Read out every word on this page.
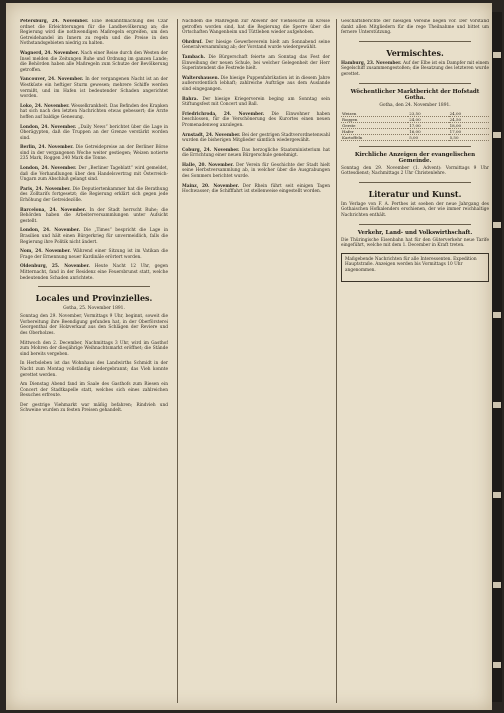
Petersburg, 24. November. Eine Bekanntmachung des Czar ordnet die Erleichterungen für die Landbevölkerung an; die Regierung wird die nothwendigen Maßregeln ergreifen, um den Getreidehandel im Innern zu regeln und die Preise in den Nothstandsgebieten niedrig zu halten.

Wagnerd, 24. November. Nach einer Reise durch den Westen der Insel melden die Zeitungen Ruhe und Ordnung im ganzen Lande; die Behörden haben alle Maßregeln zum Schutze der Bevölkerung getroffen.

Vancouver, 24. November. In der vergangenen Nacht ist an der Westküste ein heftiger Sturm gewesen; mehrere Schiffe werden vermißt, und im Hafen ist bedeutender Schaden angerichtet worden.

Loko, 24. November. Wesselkrankheit. Das Befinden des Kranken hat sich nach den letzten Nachrichten etwas gebessert; die Ärzte hoffen auf baldige Genesung.

London, 24. November. „Daily News“ berichtet über die Lage in Oberägypten, daß die Truppen an der Grenze verstärkt worden sind.

Berlin, 24. November. Die Getreidepreise an der Berliner Börse sind in der vergangenen Woche weiter gestiegen; Weizen notierte 235 Mark, Roggen 240 Mark die Tonne.

London, 24. November. Der „Berliner Tageblatt“ wird gemeldet, daß die Verhandlungen über den Handelsvertrag mit Österreich-Ungarn zum Abschluß gelangt sind.

Paris, 24. November. Die Deputiertenkammer hat die Berathung des Zolltarifs fortgesetzt; die Regierung erklärt sich gegen jede Erhöhung der Getreidezölle.

Barcelona, 24. November. In der Stadt herrscht Ruhe; die Behörden haben die Arbeiterversammlungen unter Aufsicht gestellt.

London, 24. November. Die „Times“ bespricht die Lage in Brasilien und hält einen Bürgerkrieg für unvermeidlich, falls die Regierung ihre Politik nicht ändert.

Nom, 24. November. Während einer Sitzung ist im Vatikan die Frage der Ernennung neuer Kardinäle erörtert worden.

Oldenburg, 25. November. Heute Nacht 12 Uhr, gegen Mitternacht, fand in der Residenz eine Feuersbrunst statt, welche bedeutenden Schaden anrichtete.

Locales und Provinzielles.
Gotha, 25. November 1891.

Sonntag den 29. November, Vormittags 9 Uhr, beginnt, soweit die Vorbereitung ihre Beendigung gefunden hat, in der Oberförsterei Georgenthal der Holzverkauf aus den Schlägen der Reviere und des Oberholzes.

Mittwoch den 2. December, Nachmittags 3 Uhr, wird im Gasthof zum Mohren der diesjährige Weihnachtsmarkt eröffnet; die Stände sind bereits vergeben.

In Herbsleben ist das Wohnhaus des Landwirths Schmidt in der Nacht zum Montag vollständig niedergebrannt; das Vieh konnte gerettet werden.

Am Dienstag Abend fand im Saale des Gasthofs zum Riesen ein Concert der Stadtkapelle statt, welches sich eines zahlreichen Besuches erfreute.

Der gestrige Viehmarkt war mäßig befahren; Rindvieh und Schweine wurden zu festen Preisen gehandelt.

Nachdem die Maßregeln zur Abwehr der Viehseuche im Kreise getroffen worden sind, hat die Regierung die Sperre über die Ortschaften Wangenheim und Tüttleben wieder aufgehoben.

Ohrdruf. Der hiesige Gewerbeverein hielt am Sonnabend seine Generalversammlung ab; der Vorstand wurde wiedergewählt.

Tambach. Die Bürgerschaft feierte am Sonntag das Fest der Einweihung der neuen Schule, bei welcher Gelegenheit der Herr Superintendent die Festrede hielt.

Waltershausen. Die hiesige Puppenfabrikation ist in diesem Jahre außerordentlich lebhaft; zahlreiche Aufträge aus dem Auslande sind eingegangen.

Bahra. Der hiesige Kriegerverein beging am Sonntag sein Stiftungsfest mit Concert und Ball.

Friedrichroda, 24. November. Die Einwohner haben beschlossen, für die Verschönerung des Kurortes einen neuen Promenadenweg anzulegen.

Arnstadt, 24. November. Bei der gestrigen Stadtverordnetenwahl wurden die bisherigen Mitglieder sämtlich wiedergewählt.

Coburg, 24. November. Das herzogliche Staatsministerium hat die Errichtung einer neuen Bürgerschule genehmigt.

Halle, 20. November. Der Verein für Geschichte der Stadt hielt seine Herbstversammlung ab, in welcher über die Ausgrabungen des Sommers berichtet wurde.

Mainz, 20. November. Der Rhein führt seit einigen Tagen Hochwasser; die Schifffahrt ist stellenweise eingestellt worden.

Geschäftsberichte der hiesigen Vereine liegen vor. Der Vorstand dankt allen Mitgliedern für die rege Theilnahme und bittet um fernere Unterstützung.

Vermischtes.

Hamburg, 23. November. Auf der Elbe ist ein Dampfer mit einem Segelschiff zusammengestoßen; die Besatzung des letzteren wurde gerettet.

Wöchentlicher Marktbericht der Hofstadt Gotha.
Gotha, den 24. November 1891.
Weizen	23,50	24,00
Roggen	24,00	24,50
Gerste	17,00	18,00
Hafer	16,00	17,00
Kartoffeln	5,00	5,50
Kirchliche Anzeigen der evangelischen Gemeinde.

Sonntag den 29. November (1. Advent): Vormittags 9 Uhr Gottesdienst; Nachmittags 2 Uhr Christenlehre.

Literatur und Kunst.

Im Verlage von F. A. Perthes ist soeben der neue Jahrgang des Gothaischen Hofkalenders erschienen, der wie immer reichhaltige Nachrichten enthält.

Verkehr, Land- und Volkswirthschaft.

Die Thüringische Eisenbahn hat für den Güterverkehr neue Tarife eingeführt, welche mit dem 1. December in Kraft treten.

Maßgebende Nachrichten für alle Interessenten. Expedition Hauptstraße. Anzeigen werden bis Vormittags 10 Uhr angenommen.
